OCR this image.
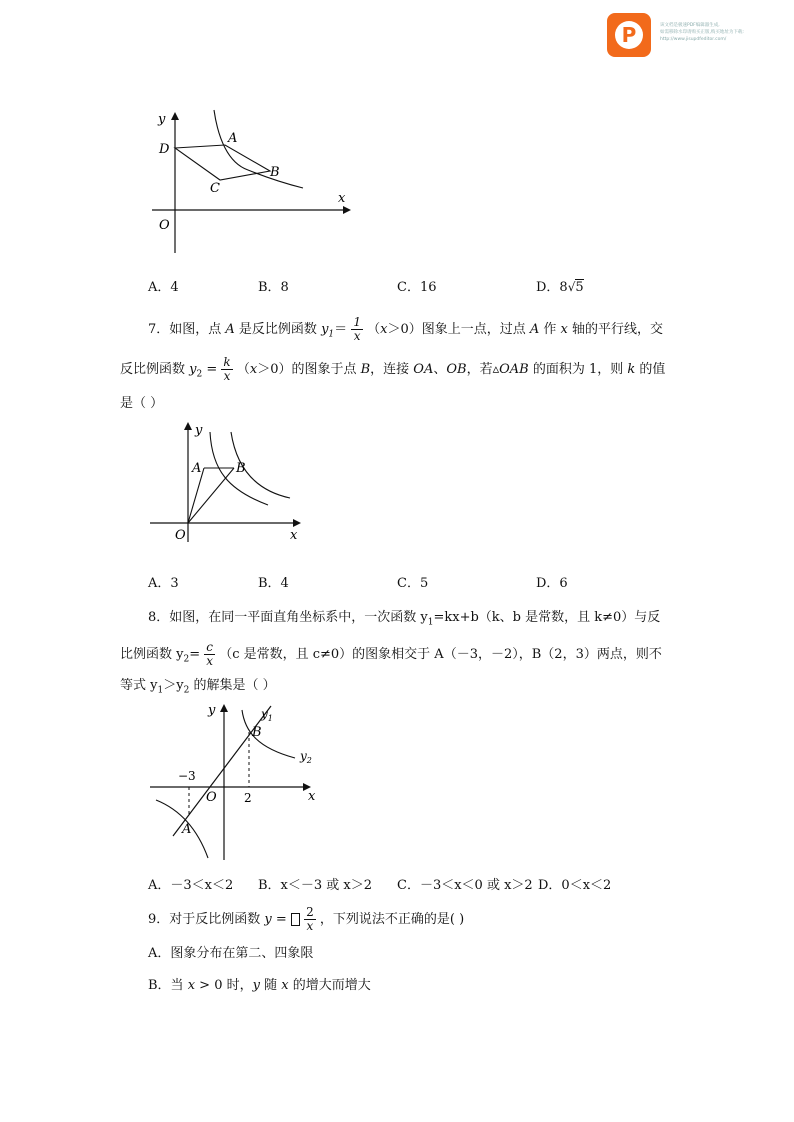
P	该文档是极速PDF编辑器生成,
如需移除水印请购买正版,购买地址为下载:
http://www.jisupdfeditor.com/
y
x
O
D
A
B
C
A．4	B．8	C．16	D．8√5
7．如图，点 A 是反比例函数 $y_1= \frac{1}{x} (x>0)$图象上一点，过点 A 作 x 轴的平行线，交
反比例函数 $y_2 = \frac{k}{x} (x>0)$的图象于点 B，连接 OA、OB，若▵OAB 的面积为 1，则 k 的值
是（ ）
y
x
O
A	B
A．3	B．4	C．5	D．6
8．如图，在同一平面直角坐标系中，一次函数 $y_1=kx+b(k$、b 是常数，且 k≠0）与反
比例函数 $y_2= \frac{c}{x} (c$ 是常数，且 c≠0）的图象相交于 A（－3，－2），B（2，3）两点，则不
等式 $y_1>y_2$ 的解集是（ ）
y
x
O
A
B
$y_1$
$y_2$
−3
2
A．－3＜x＜2 B．x＜－3 或 x＞2 C．－3＜x＜0 或 x＞2 D．0＜x＜2
9．对于反比例函数 $y = \frac{2}{x}$ ，下列说法不正确的是( )
A．图象分布在第二、四象限
B．当 x > 0 时，y 随 x 的增大而增大
